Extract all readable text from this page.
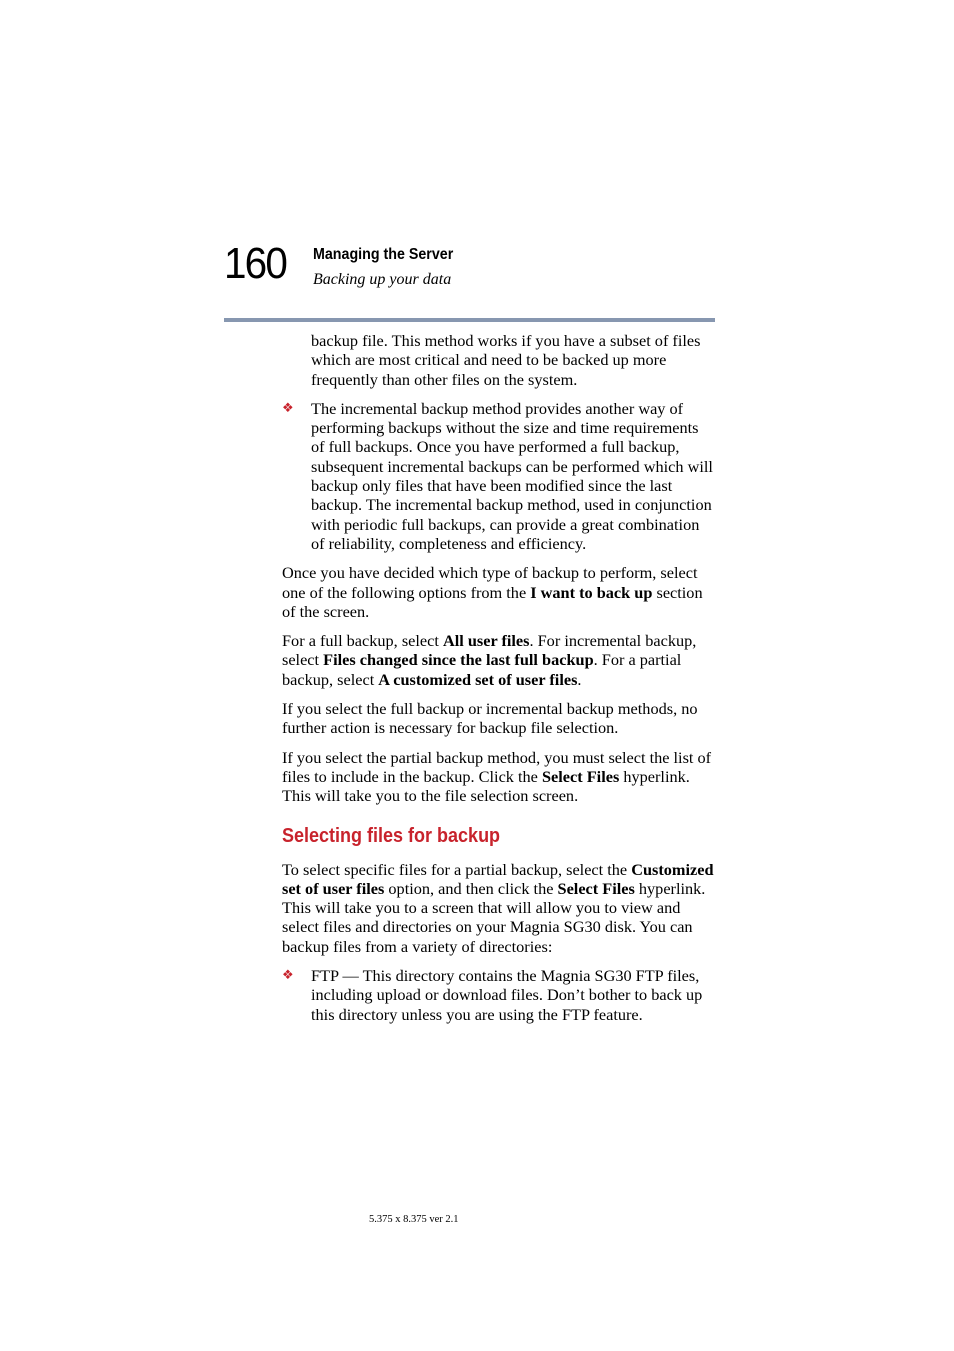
160 Managing the Server
Backing up your data

backup file. This method works if you have a subset of files which are most critical and need to be backed up more frequently than other files on the system.

❖ The incremental backup method provides another way of performing backups without the size and time requirements of full backups. Once you have performed a full backup, subsequent incremental backups can be performed which will backup only files that have been modified since the last backup. The incremental backup method, used in conjunction with periodic full backups, can provide a great combination of reliability, completeness and efficiency.

Once you have decided which type of backup to perform, select one of the following options from the I want to back up section of the screen.

For a full backup, select All user files. For incremental backup, select Files changed since the last full backup. For a partial backup, select A customized set of user files.

If you select the full backup or incremental backup methods, no further action is necessary for backup file selection.

If you select the partial backup method, you must select the list of files to include in the backup. Click the Select Files hyperlink. This will take you to the file selection screen.

Selecting files for backup

To select specific files for a partial backup, select the Customized set of user files option, and then click the Select Files hyperlink. This will take you to a screen that will allow you to view and select files and directories on your Magnia SG30 disk. You can backup files from a variety of directories:

❖ FTP — This directory contains the Magnia SG30 FTP files, including upload or download files. Don’t bother to back up this directory unless you are using the FTP feature.
5.375 x 8.375 ver 2.1
